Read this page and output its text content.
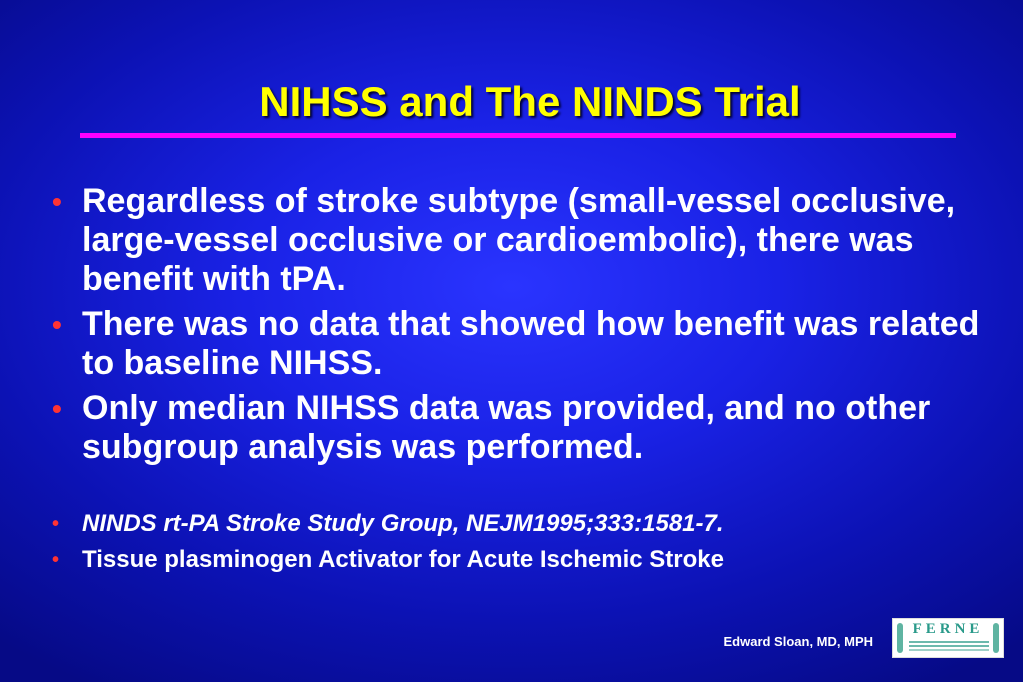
NIHSS and The NINDS Trial
• Regardless of stroke subtype (small-vessel occlusive, large-vessel occlusive or cardioembolic), there was benefit with tPA.
• There was no data that showed how benefit was related to baseline NIHSS.
• Only median NIHSS data was provided, and no other subgroup analysis was performed.
• NINDS rt-PA Stroke Study Group, NEJM1995;333:1581-7.
• Tissue plasminogen Activator for Acute Ischemic Stroke
Edward Sloan, MD, MPH
FERNE
